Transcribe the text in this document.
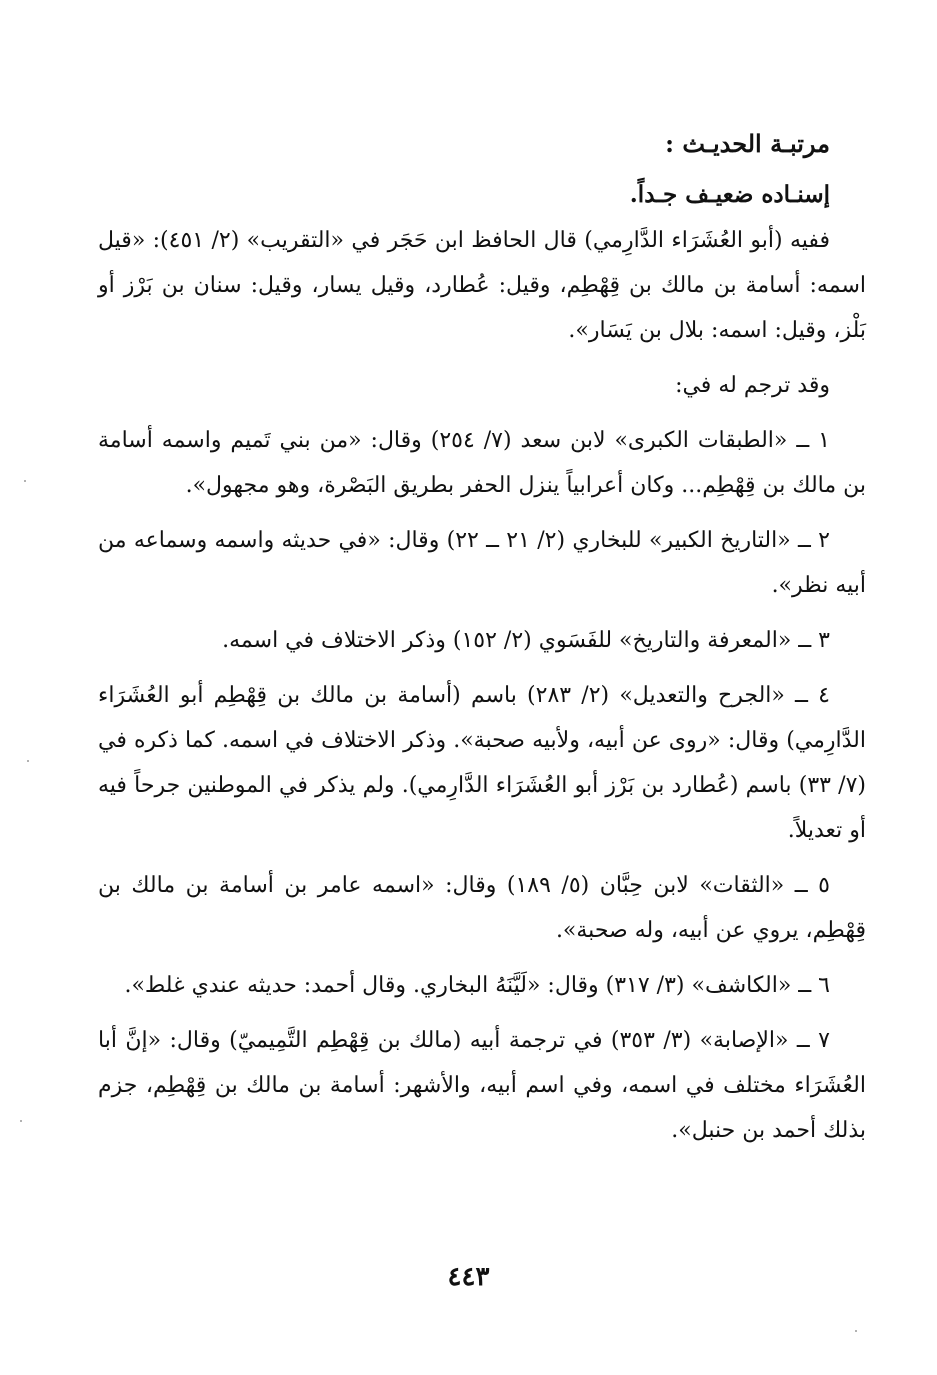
مرتبـة الحديـث :
إسنـاده ضعيـف جـداً.

ففيه (أبو العُشَرَاء الدَّارِمي) قال الحافظ ابن حَجَر في «التقريب» (٢/ ٤٥١): «قيل اسمه: أسامة بن مالك بن قِهْطِم، وقيل: عُطارد، وقيل يسار، وقيل: سنان بن بَرْز أو بَلْز، وقيل: اسمه: بلال بن يَسَار».

وقد ترجم له في:

١ ــ «الطبقات الكبرى» لابن سعد (٧/ ٢٥٤) وقال: «من بني تَميم واسمه أسامة بن مالك بن قِهْطِم... وكان أعرابياً ينزل الحفر بطريق البَصْرة، وهو مجهول».

٢ ــ «التاريخ الكبير» للبخاري (٢/ ٢١ ــ ٢٢) وقال: «في حديثه واسمه وسماعه من أبيه نظر».

٣ ــ «المعرفة والتاريخ» للفَسَوي (٢/ ١٥٢) وذكر الاختلاف في اسمه.

٤ ــ «الجرح والتعديل» (٢/ ٢٨٣) باسم (أسامة بن مالك بن قِهْطِم أبو العُشَرَاء الدَّارِمي) وقال: «روى عن أبيه، ولأبيه صحبة». وذكر الاختلاف في اسمه. كما ذكره في (٧/ ٣٣) باسم (عُطارد بن بَرْز أبو العُشَرَاء الدَّارِمي). ولم يذكر في الموطنين جرحاً فيه أو تعديلاً.

٥ ــ «الثقات» لابن حِبَّان (٥/ ١٨٩) وقال: «اسمه عامر بن أسامة بن مالك بن قِهْطِم، يروي عن أبيه، وله صحبة».

٦ ــ «الكاشف» (٣/ ٣١٧) وقال: «لَيَّنَهُ البخاري. وقال أحمد: حديثه عندي غلط».

٧ ــ «الإصابة» (٣/ ٣٥٣) في ترجمة أبيه (مالك بن قِهْطِم التَّمِيميّ) وقال: «إنَّ أبا العُشَرَاء مختلف في اسمه، وفي اسم أبيه، والأشهر: أسامة بن مالك بن قِهْطِم، جزم بذلك أحمد بن حنبل».

٤٤٣
